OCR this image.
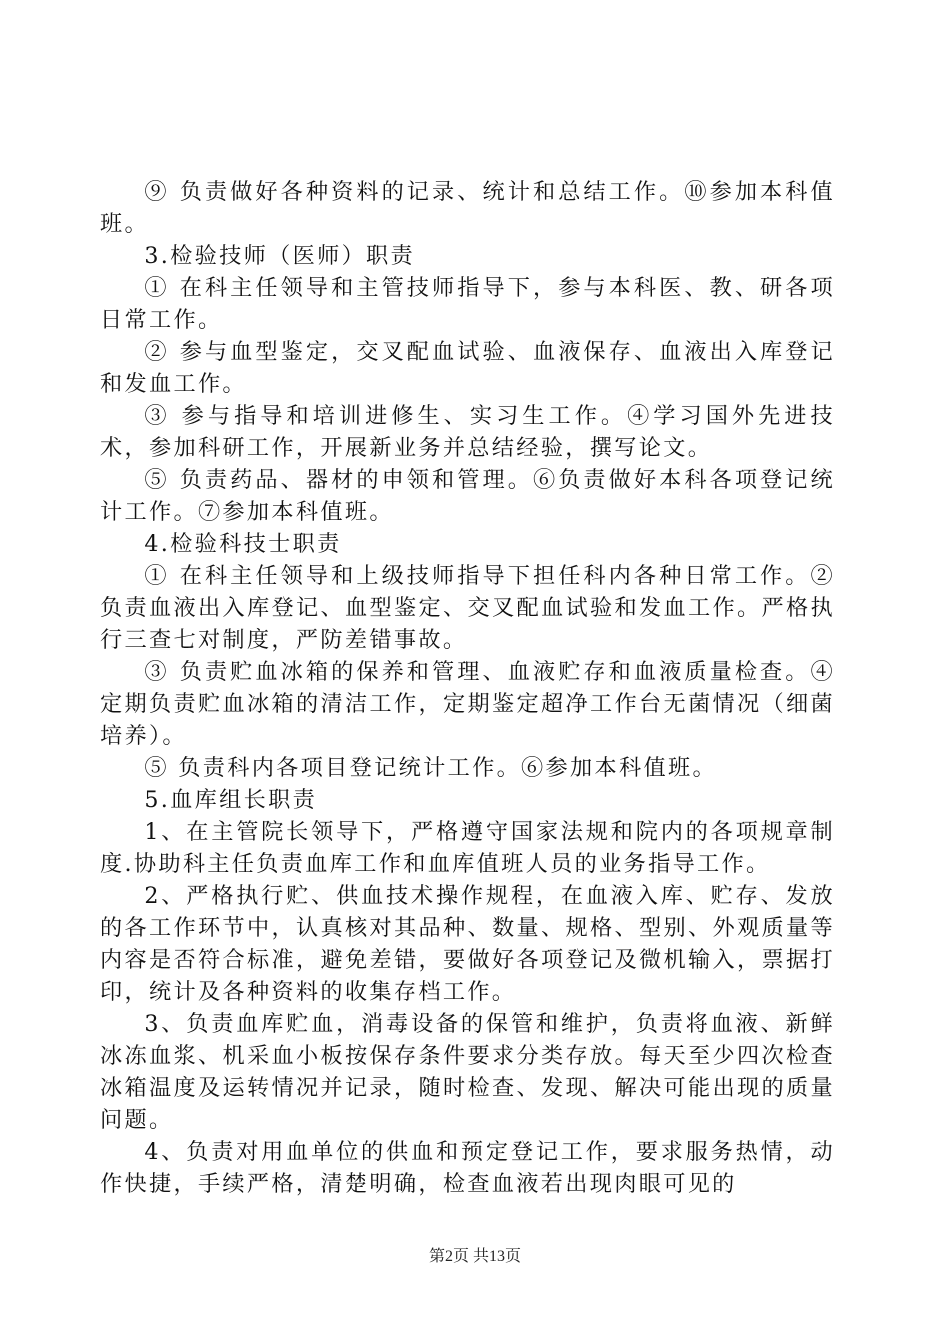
⑨ 负责做好各种资料的记录、统计和总结工作。⑩参加本科值班。

3.检验技师（医师）职责

① 在科主任领导和主管技师指导下，参与本科医、教、研各项日常工作。

② 参与血型鉴定，交叉配血试验、血液保存、血液出入库登记和发血工作。

③ 参与指导和培训进修生、实习生工作。④学习国外先进技术，参加科研工作，开展新业务并总结经验，撰写论文。

⑤ 负责药品、器材的申领和管理。⑥负责做好本科各项登记统计工作。⑦参加本科值班。

4.检验科技士职责

① 在科主任领导和上级技师指导下担任科内各种日常工作。②负责血液出入库登记、血型鉴定、交叉配血试验和发血工作。严格执行三查七对制度，严防差错事故。

③ 负责贮血冰箱的保养和管理、血液贮存和血液质量检查。④定期负责贮血冰箱的清洁工作，定期鉴定超净工作台无菌情况（细菌培养）。

⑤ 负责科内各项目登记统计工作。⑥参加本科值班。

5.血库组长职责

1、在主管院长领导下，严格遵守国家法规和院内的各项规章制度.协助科主任负责血库工作和血库值班人员的业务指导工作。

2、严格执行贮、供血技术操作规程，在血液入库、贮存、发放的各工作环节中，认真核对其品种、数量、规格、型别、外观质量等内容是否符合标准，避免差错，要做好各项登记及微机输入，票据打印，统计及各种资料的收集存档工作。

3、负责血库贮血，消毒设备的保管和维护，负责将血液、新鲜冰冻血浆、机采血小板按保存条件要求分类存放。每天至少四次检查冰箱温度及运转情况并记录，随时检查、发现、解决可能出现的质量问题。

4、负责对用血单位的供血和预定登记工作，要求服务热情，动作快捷，手续严格，清楚明确，检查血液若出现肉眼可见的

第2页 共13页
